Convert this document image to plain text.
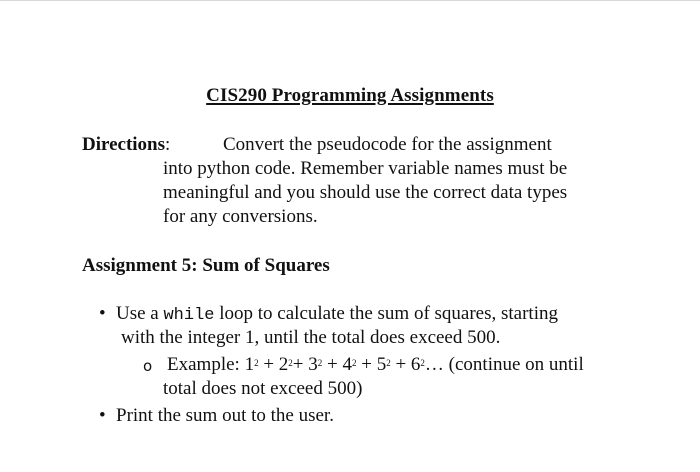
CIS290 Programming Assignments
Directions:	Convert the pseudocode for the assignment
into python code. Remember variable names must be
meaningful and you should use the correct data types
for any conversions.
Assignment 5: Sum of Squares
• Use a while loop to calculate the sum of squares, starting
with the integer 1, until the total does exceed 500.
o Example: $1^2 + 2^2+ 3^2 + 4^2 + 5^2$ + $6^2\dots$ (continue on until
total does not exceed 500)
• Print the sum out to the user.
